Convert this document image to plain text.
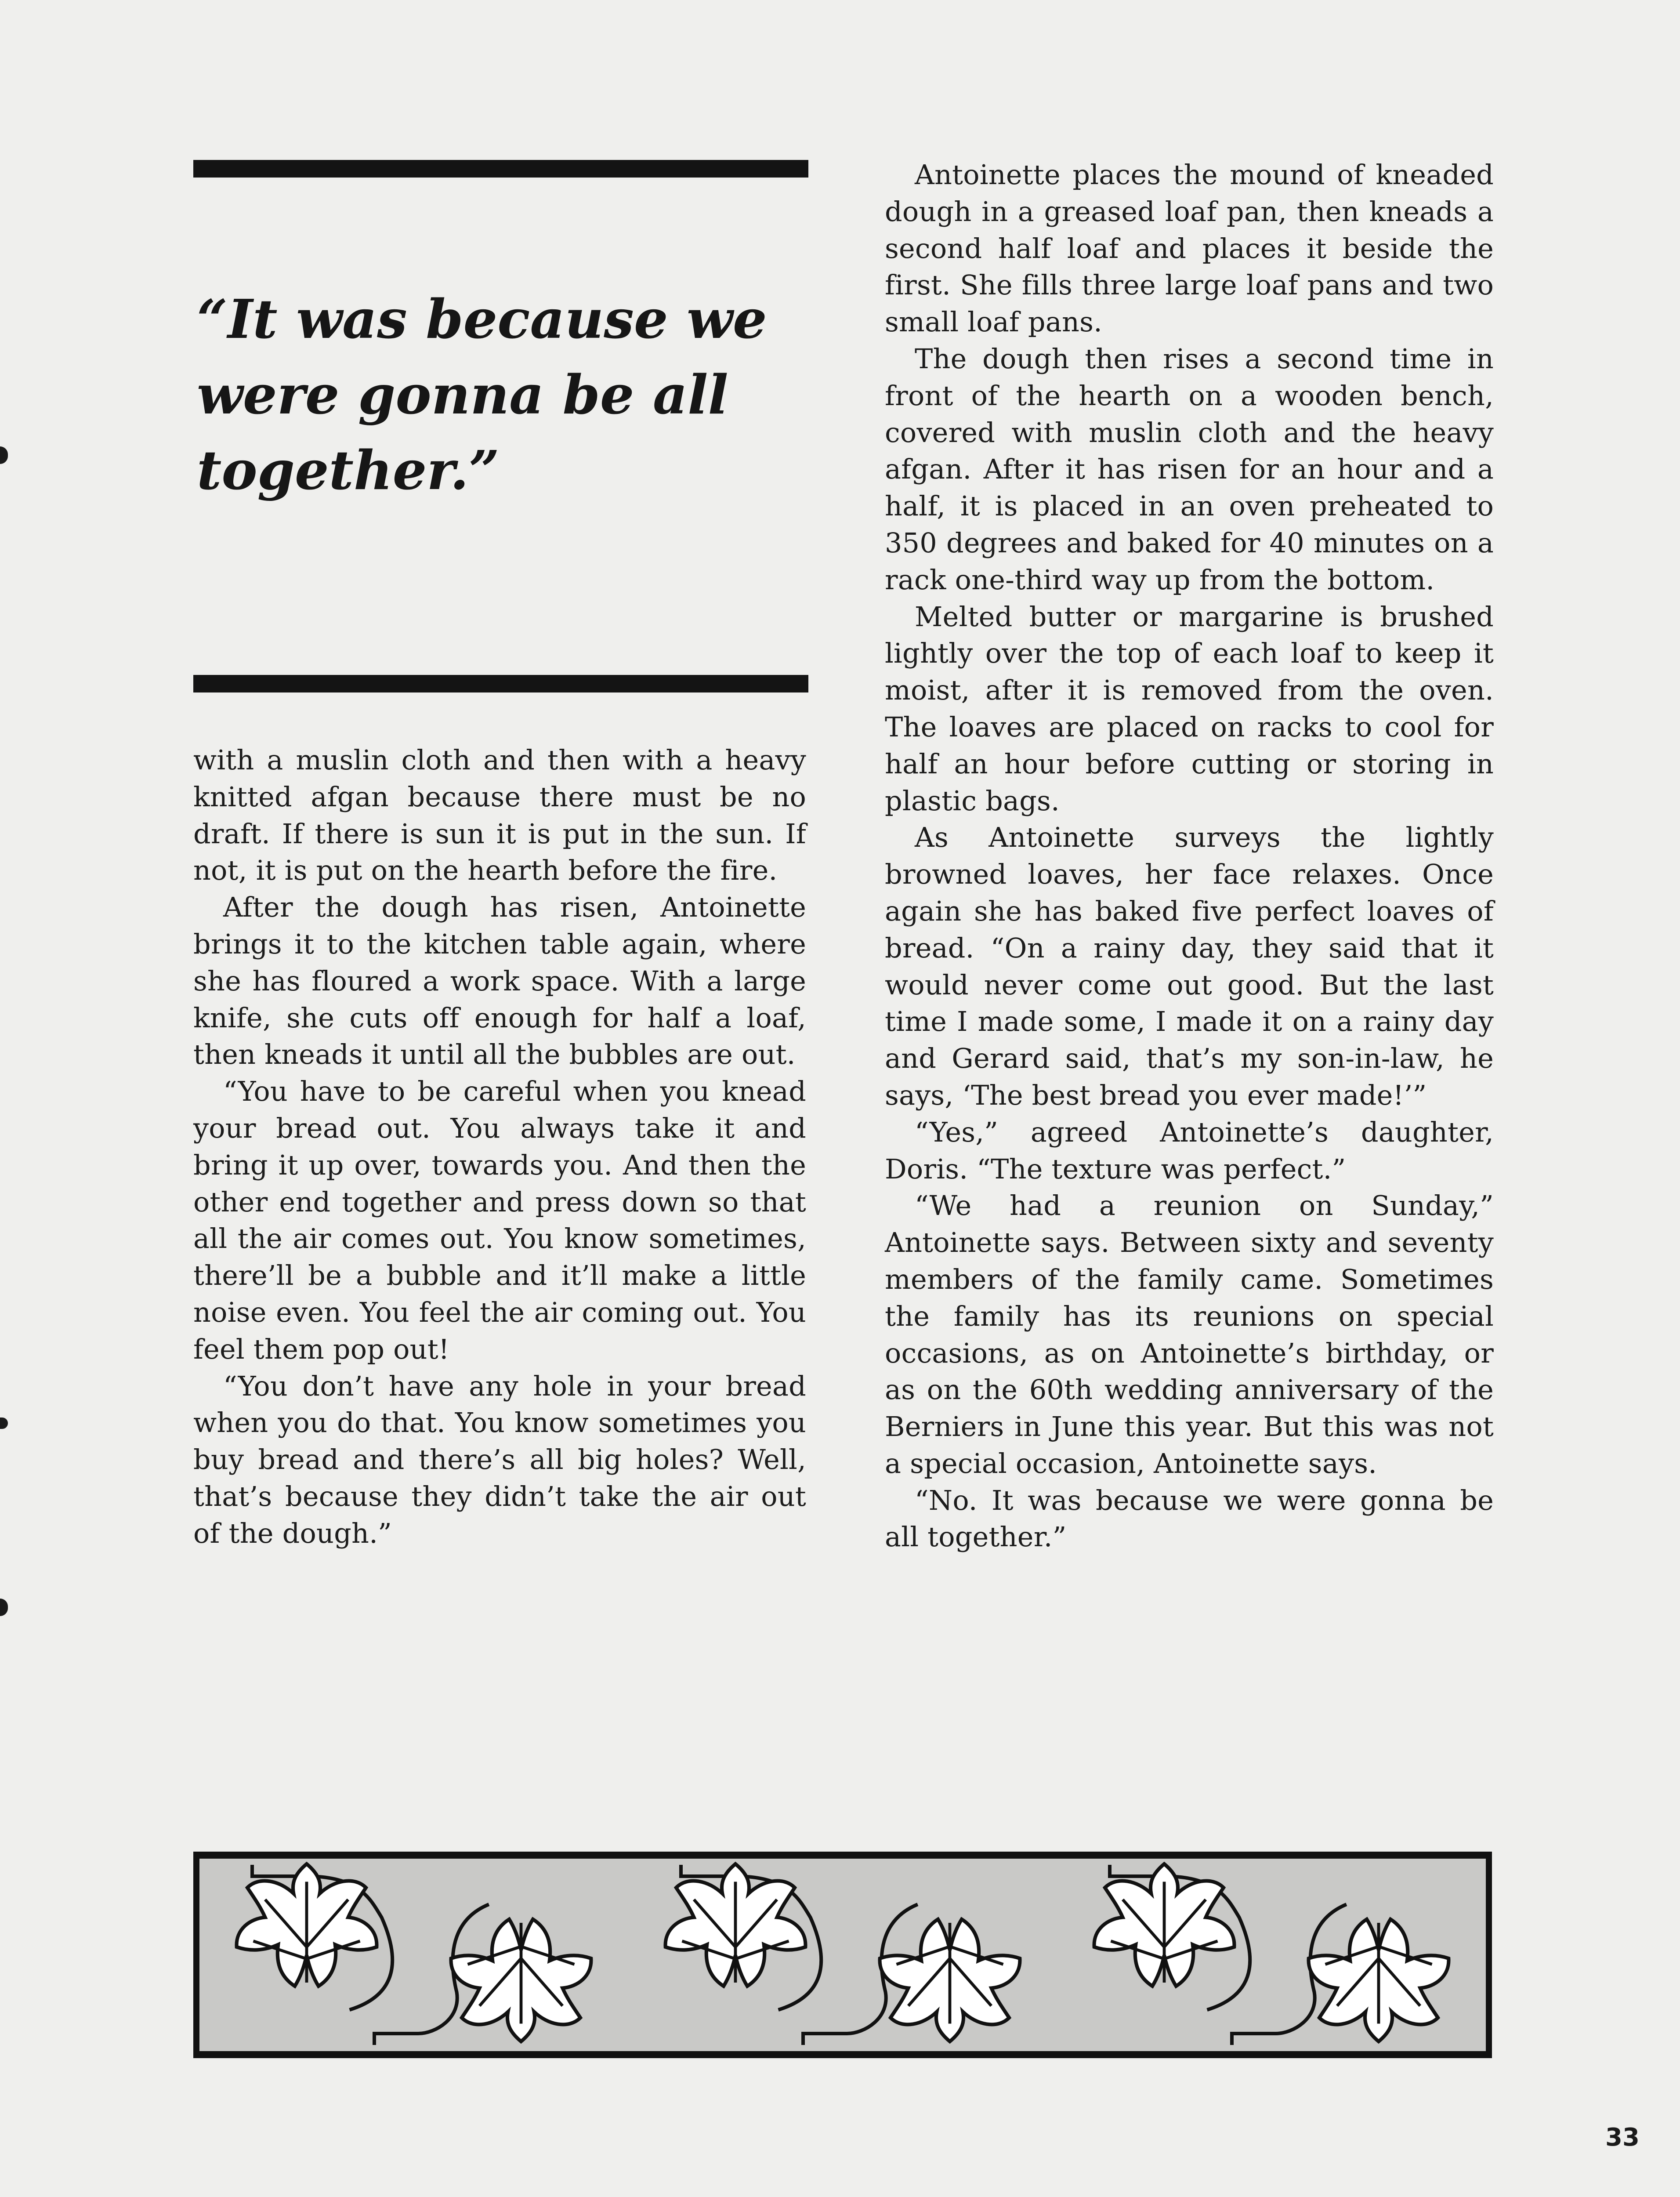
“It was because we were gonna be all together.”

with a muslin cloth and then with a heavy knitted afgan because there must be no draft. If there is sun it is put in the sun. If not, it is put on the hearth before the fire.

After the dough has risen, Antoinette brings it to the kitchen table again, where she has floured a work space. With a large knife, she cuts off enough for half a loaf, then kneads it until all the bubbles are out.

“You have to be careful when you knead your bread out. You always take it and bring it up over, towards you. And then the other end together and press down so that all the air comes out. You know sometimes, there’ll be a bubble and it’ll make a little noise even. You feel the air coming out. You feel them pop out!

“You don’t have any hole in your bread when you do that. You know sometimes you buy bread and there’s all big holes? Well, that’s because they didn’t take the air out of the dough.”

Antoinette places the mound of kneaded dough in a greased loaf pan, then kneads a second half loaf and places it beside the first. She fills three large loaf pans and two small loaf pans.

The dough then rises a second time in front of the hearth on a wooden bench, covered with muslin cloth and the heavy afgan. After it has risen for an hour and a half, it is placed in an oven preheated to 350 degrees and baked for 40 minutes on a rack one-third way up from the bottom.

Melted butter or margarine is brushed lightly over the top of each loaf to keep it moist, after it is removed from the oven. The loaves are placed on racks to cool for half an hour before cutting or storing in plastic bags.

As Antoinette surveys the lightly browned loaves, her face relaxes. Once again she has baked five perfect loaves of bread. “On a rainy day, they said that it would never come out good. But the last time I made some, I made it on a rainy day and Gerard said, that’s my son-in-law, he says, ‘The best bread you ever made!’”

“Yes,” agreed Antoinette’s daughter, Doris. “The texture was perfect.”

“We had a reunion on Sunday,” Antoinette says. Between sixty and seventy members of the family came. Sometimes the family has its reunions on special occasions, as on Antoinette’s birthday, or as on the 60th wedding anniversary of the Berniers in June this year. But this was not a special occasion, Antoinette says.

“No. It was because we were gonna be all together.”

33
